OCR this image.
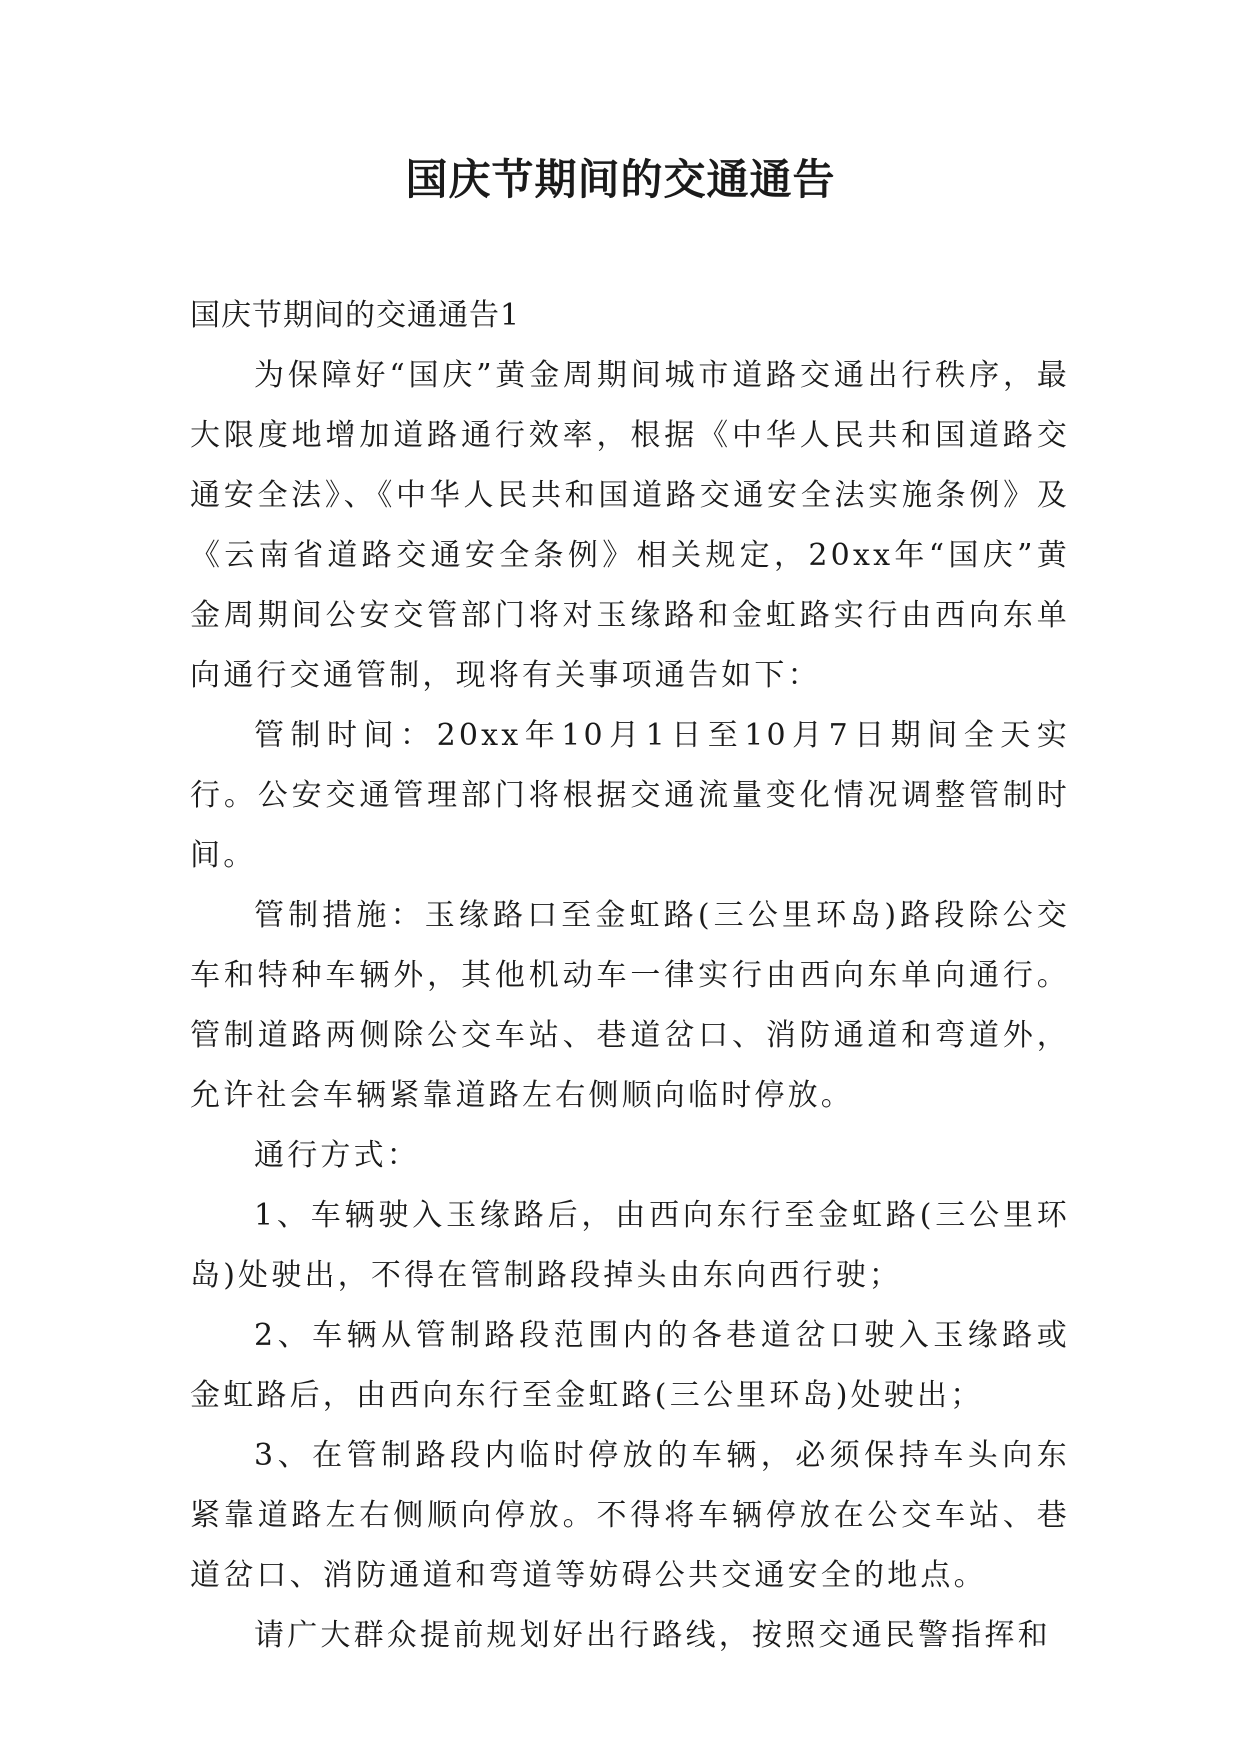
国庆节期间的交通通告

国庆节期间的交通通告1

为保障好“国庆”黄金周期间城市道路交通出行秩序，最大限度地增加道路通行效率，根据《中华人民共和国道路交通安全法》、《中华人民共和国道路交通安全法实施条例》及《云南省道路交通安全条例》相关规定，20xx年“国庆”黄金周期间公安交管部门将对玉缘路和金虹路实行由西向东单向通行交通管制，现将有关事项通告如下：

管制时间：20xx年10月1日至10月7日期间全天实行。公安交通管理部门将根据交通流量变化情况调整管制时间。

管制措施：玉缘路口至金虹路(三公里环岛)路段除公交车和特种车辆外，其他机动车一律实行由西向东单向通行。管制道路两侧除公交车站、巷道岔口、消防通道和弯道外，允许社会车辆紧靠道路左右侧顺向临时停放。

通行方式：

1、车辆驶入玉缘路后，由西向东行至金虹路(三公里环岛)处驶出，不得在管制路段掉头由东向西行驶；

2、车辆从管制路段范围内的各巷道岔口驶入玉缘路或金虹路后，由西向东行至金虹路(三公里环岛)处驶出；

3、在管制路段内临时停放的车辆，必须保持车头向东紧靠道路左右侧顺向停放。不得将车辆停放在公交车站、巷道岔口、消防通道和弯道等妨碍公共交通安全的地点。

请广大群众提前规划好出行路线，按照交通民警指挥和
